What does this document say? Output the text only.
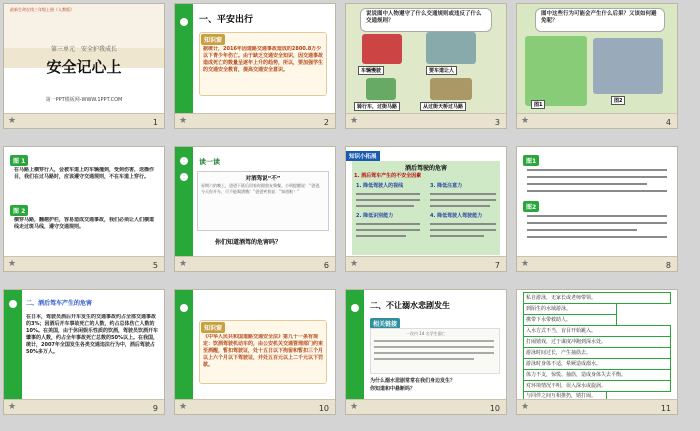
最新生命在线三年级上册《人教版》
第三单元　安全护我成长
安全记心上
第一PPT模板网-WWW.1PPT.COM
★	1
一、平安出行
知识窗
据统计，2016年因道路交通事故造成的2800.8万少以下青少年伤亡。由于缺乏交通安全知识，因交通事故造成死亡的数量呈逐年上升的趋势，所以，要加强学生的交通安全教育，提高交通安全意识。
★	2
说说图中人物遵守了什么交通规则或违反了什么交通规则？
车辆慢驶	要车道让人
骑行车，过街马路	从过街天桥过马路
★	3
图中这些行为可能会产生什么后果？又该如何避免呢？
图1
图2
★	4
图 1
在马路上横穿行人，会被车道上的车辆撞到，受到伤害，送操作目，我们在过马路时，应该遵守交通规则，不在车道上穿行。
图 2
横穿马路，翻越护栏，容易造成交通事故，我们必须让人们横道线走过斑马线，遵守交通规则。
★	5
读一读
对酒驾说“不”
星期六的晚上，爸爸下班后回家时跟朋友聚餐。小明提醒说：“爸爸，今天你开车，可不能喝酒哦！”爸爸笑着说：“知道啦！”
你们知道酒驾的危害吗？
★	6
知识小拓展
酒后驾驶的危害
1. 酒后驾车产生的不安全因素
1. 降低驾驶人的视线
2. 降低识别能力
3. 降低注意力
4. 降低驾驶人驾驶能力
★	7
图1
图2
★	8
二、酒后驾车产生的危害
在日本，驾驶员酒后开车发生的交通事故约占全部交通事故的3%；因酒后开车事故死亡的人数，约占总体伤亡人数的10%。在美国，由于休闲娱乐性质的饮酒，驾驶员饮酒开车肇事的人数，约占全年事故死亡总数的50%以上。在我国，统计，2007年全国发生各类交通违法行为中，酒后驾驶占50%多万人。
★	9
知识窗
《中华人民共和国道路交通安全法》第九十一条有规定：饮酒驾驶机动车的，由公安机关交通管理部门约束至酒醒，暂扣驾驶证，处十五日以下拘留和暂扣三个月以上六个月以下驾驶证，并处五百元以上二千元以下罚款。
★	10
二、不让溺水悲剧发生
相关链接
一次内 14 名学生溺亡
为什么溺水悲剧常常在我们身边发生？
你知道和中悬断吗？
★	10
私自游泳，无家长或老师带领。
到陌生的水域游泳。
携带下水带救助人。
入水方式不当，盲目开始跳入。
打闹嬉戏，过于谋度冲跑到深水处。
游泳时间过长，产生抽筋去。
游泳时身体不适，晕厥造成溺水。
体力不支，惊慌、抽筋，造成身体失去平衡。
对环境情况不明，误入深水或旋涡。
与同伴之间互相推扔，嬉打闹。
★	11
